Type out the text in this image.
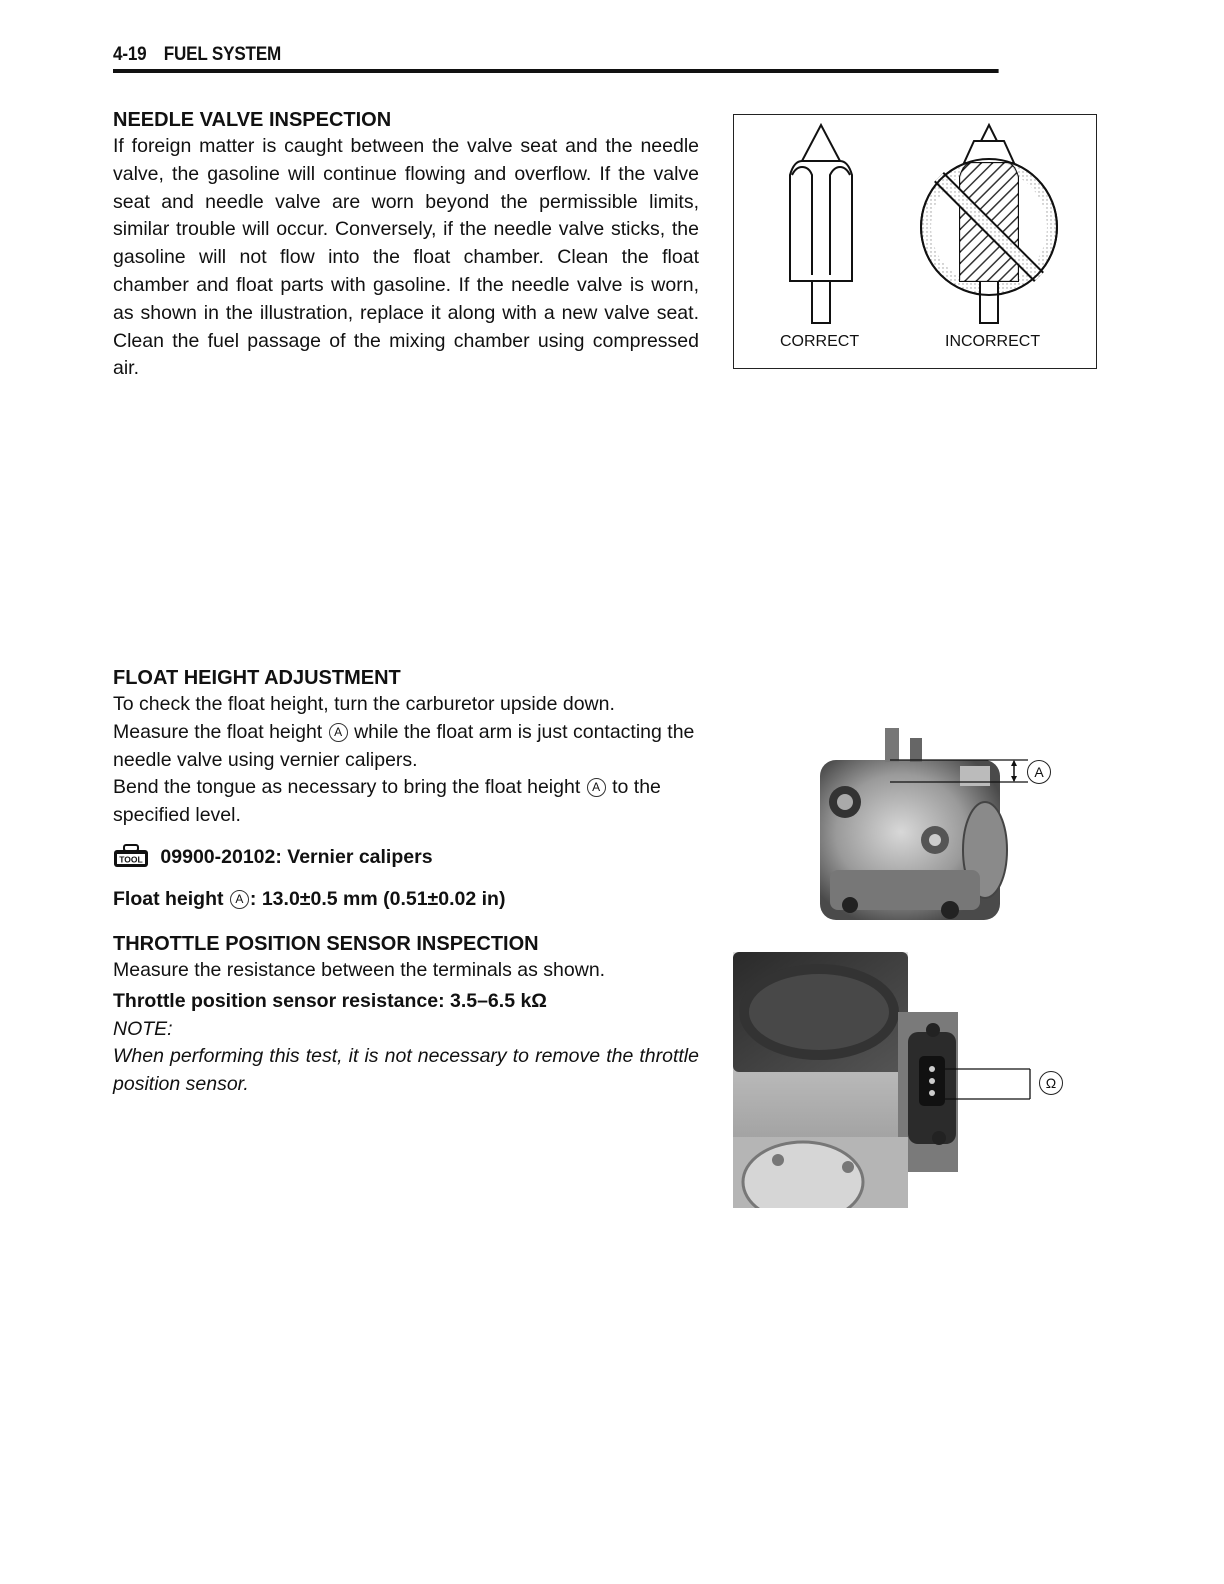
4-19 FUEL SYSTEM
NEEDLE VALVE INSPECTION

If foreign matter is caught between the valve seat and the needle valve, the gasoline will continue flowing and overflow. If the valve seat and needle valve are worn beyond the permissible limits, similar trouble will occur. Conversely, if the needle valve sticks, the gasoline will not flow into the float chamber. Clean the float chamber and float parts with gasoline. If the needle valve is worn, as shown in the illustration, replace it along with a new valve seat. Clean the fuel passage of the mixing chamber using compressed air.

CORRECT	INCORRECT
FLOAT HEIGHT ADJUSTMENT

To check the float height, turn the carburetor upside down.

Measure the float height A while the float arm is just contacting the needle valve using vernier calipers.

Bend the tongue as necessary to bring the float height A to the specified level.

TOOL 09900-20102: Vernier calipers

Float height A : 13.0±0.5 mm (0.51±0.02 in)

THROTTLE POSITION SENSOR INSPECTION

Measure the resistance between the terminals as shown.

Throttle position sensor resistance: 3.5–6.5 kΩ

NOTE:

When performing this test, it is not necessary to remove the throttle position sensor.

A
Ω
